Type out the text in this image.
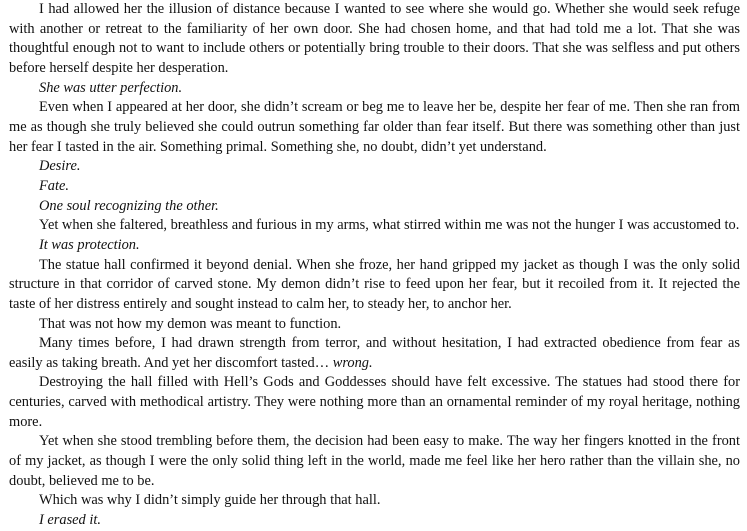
I had allowed her the illusion of distance because I wanted to see where she would go. Whether she would seek refuge with another or retreat to the familiarity of her own door. She had chosen home, and that had told me a lot. That she was thoughtful enough not to want to include others or potentially bring trouble to their doors. That she was selfless and put others before herself despite her desperation.

She was utter perfection.

Even when I appeared at her door, she didn’t scream or beg me to leave her be, despite her fear of me. Then she ran from me as though she truly believed she could outrun something far older than fear itself. But there was something other than just her fear I tasted in the air. Something primal. Something she, no doubt, didn’t yet understand.

Desire.

Fate.

One soul recognizing the other.

Yet when she faltered, breathless and furious in my arms, what stirred within me was not the hunger I was accustomed to.

It was protection.

The statue hall confirmed it beyond denial. When she froze, her hand gripped my jacket as though I was the only solid structure in that corridor of carved stone. My demon didn’t rise to feed upon her fear, but it recoiled from it. It rejected the taste of her distress entirely and sought instead to calm her, to steady her, to anchor her.

That was not how my demon was meant to function.

Many times before, I had drawn strength from terror, and without hesitation, I had extracted obedience from fear as easily as taking breath. And yet her discomfort tasted… wrong.

Destroying the hall filled with Hell’s Gods and Goddesses should have felt excessive. The statues had stood there for centuries, carved with methodical artistry. They were nothing more than an ornamental reminder of my royal heritage, nothing more.

Yet when she stood trembling before them, the decision had been easy to make. The way her fingers knotted in the front of my jacket, as though I were the only solid thing left in the world, made me feel like her hero rather than the villain she, no doubt, believed me to be.

Which was why I didn’t simply guide her through that hall.

I erased it.
